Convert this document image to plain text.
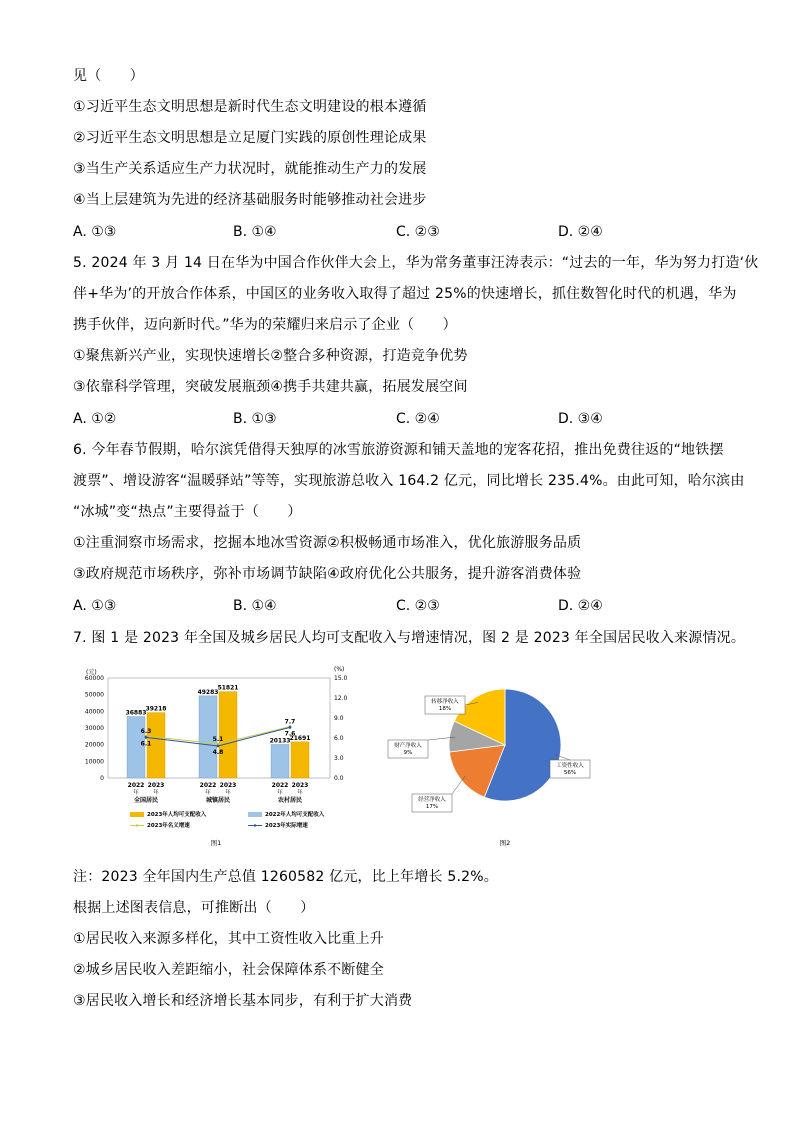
见（　　）
①习近平生态文明思想是新时代生态文明建设的根本遵循
②习近平生态文明思想是立足厦门实践的原创性理论成果
③当生产关系适应生产力状况时，就能推动生产力的发展
④当上层建筑为先进的经济基础服务时能够推动社会进步
A. ①③	B. ①④	C. ②③	D. ②④
5. 2024 年 3 月 14 日在华为中国合作伙伴大会上，华为常务董事汪涛表示：“过去的一年，华为努力打造‘伙
伴+华为’的开放合作体系，中国区的业务收入取得了超过 25%的快速增长，抓住数智化时代的机遇，华为
携手伙伴，迈向新时代。”华为的荣耀归来启示了企业（　　）
①聚焦新兴产业，实现快速增长②整合多种资源，打造竞争优势
③依靠科学管理，突破发展瓶颈④携手共建共赢，拓展发展空间
A. ①②	B. ①③	C. ②④	D. ③④
6. 今年春节假期，哈尔滨凭借得天独厚的冰雪旅游资源和铺天盖地的宠客花招，推出免费往返的“地铁摆
渡票”、增设游客“温暖驿站”等等，实现旅游总收入 164.2 亿元，同比增长 235.4%。由此可知，哈尔滨由
“冰城”变“热点”主要得益于（　　）
①注重洞察市场需求，挖掘本地冰雪资源②积极畅通市场准入，优化旅游服务品质
③政府规范市场秩序，弥补市场调节缺陷④政府优化公共服务，提升游客消费体验
A. ①③	B. ①④	C. ②③	D. ②④
7. 图 1 是 2023 年全国及城乡居民人均可支配收入与增速情况，图 2 是 2023 年全国居民收入来源情况。
(元)	(%)
0
10000
20000
30000
40000
50000
60000
0.0
3.0
6.0
9.0
12.0
15.0
36883
39218
49283
51821
20133 21691
6.3
6.1
5.1
4.8
7.7
7.6
2022 2023
年	年
全国居民
2022 2023
年	年
城镇居民
2022 2023
年	年
农村居民
2023年人均可支配收入	2022年人均可支配收入
2023年名义增速	2023年实际增速
图1
工资性收入
56%
经营净收入
17%
财产净收入
9%
转移净收入
18%
图2
注：2023 全年国内生产总值 1260582 亿元，比上年增长 5.2%。
根据上述图表信息，可推断出（　　）
①居民收入来源多样化，其中工资性收入比重上升
②城乡居民收入差距缩小，社会保障体系不断健全
③居民收入增长和经济增长基本同步，有利于扩大消费
